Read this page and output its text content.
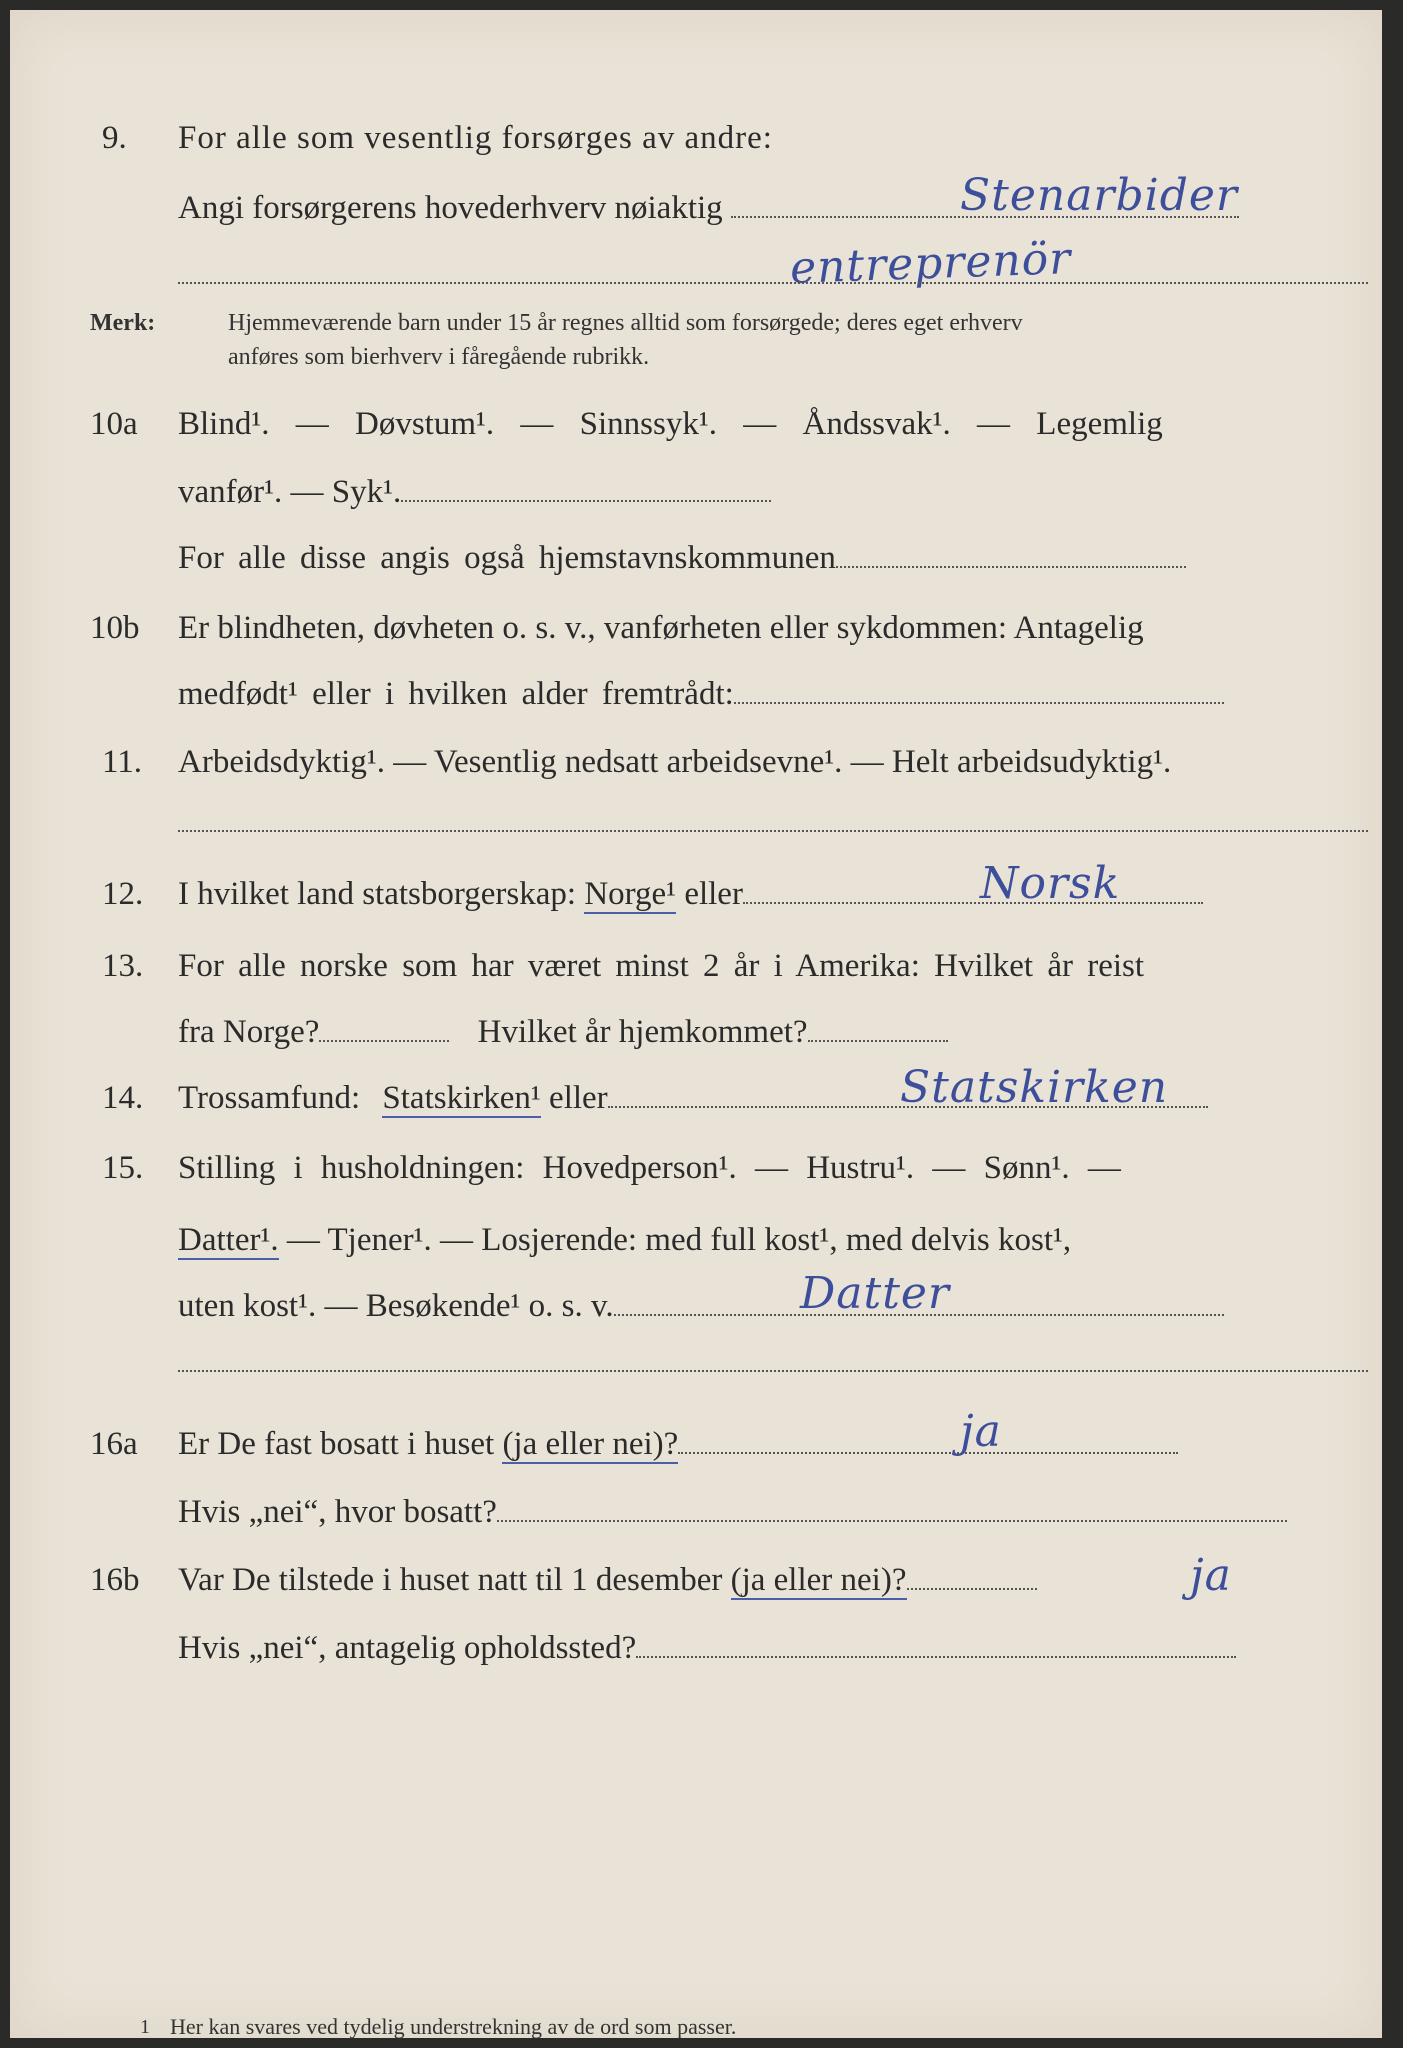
9. For alle som vesentlig forsørges av andre:
Angi forsørgerens hovederhverv nøiaktig	Stenarbider
entreprenör
Merk:	Hjemmeværende barn under 15 år regnes alltid som forsørgede; deres eget erhverv
anføres som bierhverv i fåregående rubrikk.
10a Blind¹. — Døvstum¹. — Sinnssyk¹. — Åndssvak¹. — Legemlig
vanfør¹. — Syk¹.
For alle disse angis også hjemstavnskommunen
10b Er blindheten, døvheten o. s. v., vanførheten eller sykdommen: Antagelig
medfødt¹ eller i hvilken alder fremtrådt:
11. Arbeidsdyktig¹. — Vesentlig nedsatt arbeidsevne¹. — Helt arbeidsudyktig¹.
12. I hvilket land statsborgerskap: Norge¹ eller	Norsk
13. For alle norske som har været minst 2 år i Amerika: Hvilket år reist
fra Norge?	Hvilket år hjemkommet?
14. Trossamfund: Statskirken¹ eller	Statskirken
15. Stilling i husholdningen: Hovedperson¹. — Hustru¹. — Sønn¹. —
Datter¹. — Tjener¹. — Losjerende: med full kost¹, med delvis kost¹,
uten kost¹. — Besøkende¹ o. s. v.	Datter
16a Er De fast bosatt i huset (ja eller nei)?	ja
Hvis „nei“, hvor bosatt?
16b Var De tilstede i huset natt til 1 desember (ja eller nei)?	ja
Hvis „nei“, antagelig opholdssted?
1 Her kan svares ved tydelig understrekning av de ord som passer.
